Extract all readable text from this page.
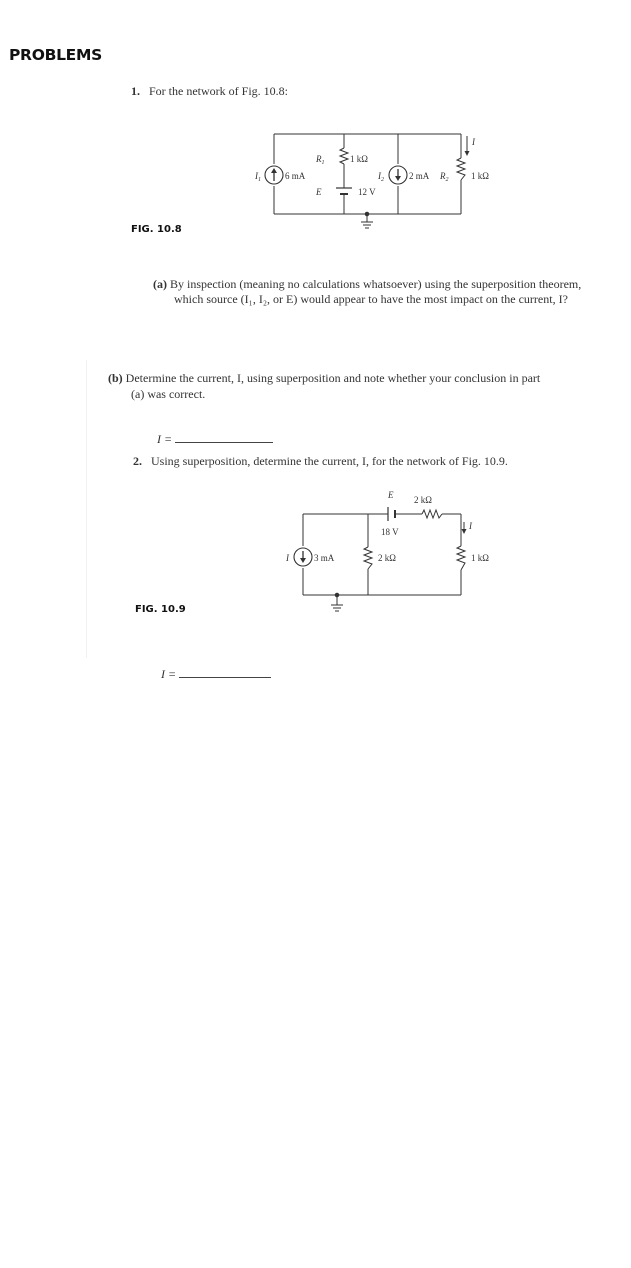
PROBLEMS
1. For the network of Fig. 10.8:
$I_1$	6 mA
$R_1$	1 kΩ
E	12 V
$I_2$	2 mA $R_2$	1 kΩ
I
FIG. 10.8
(a) By inspection (meaning no calculations whatsoever) using the superposition theorem,
which source (I₁, I₂, or E) would appear to have the most impact on the current, I?
(b) Determine the current, I, using superposition and note whether your conclusion in part
(a) was correct.
I =
2. Using superposition, determine the current, I, for the network of Fig. 10.9.
E
18 V
2 kΩ
I	3 mA	2 kΩ	1 kΩ
I
FIG. 10.9
I =
